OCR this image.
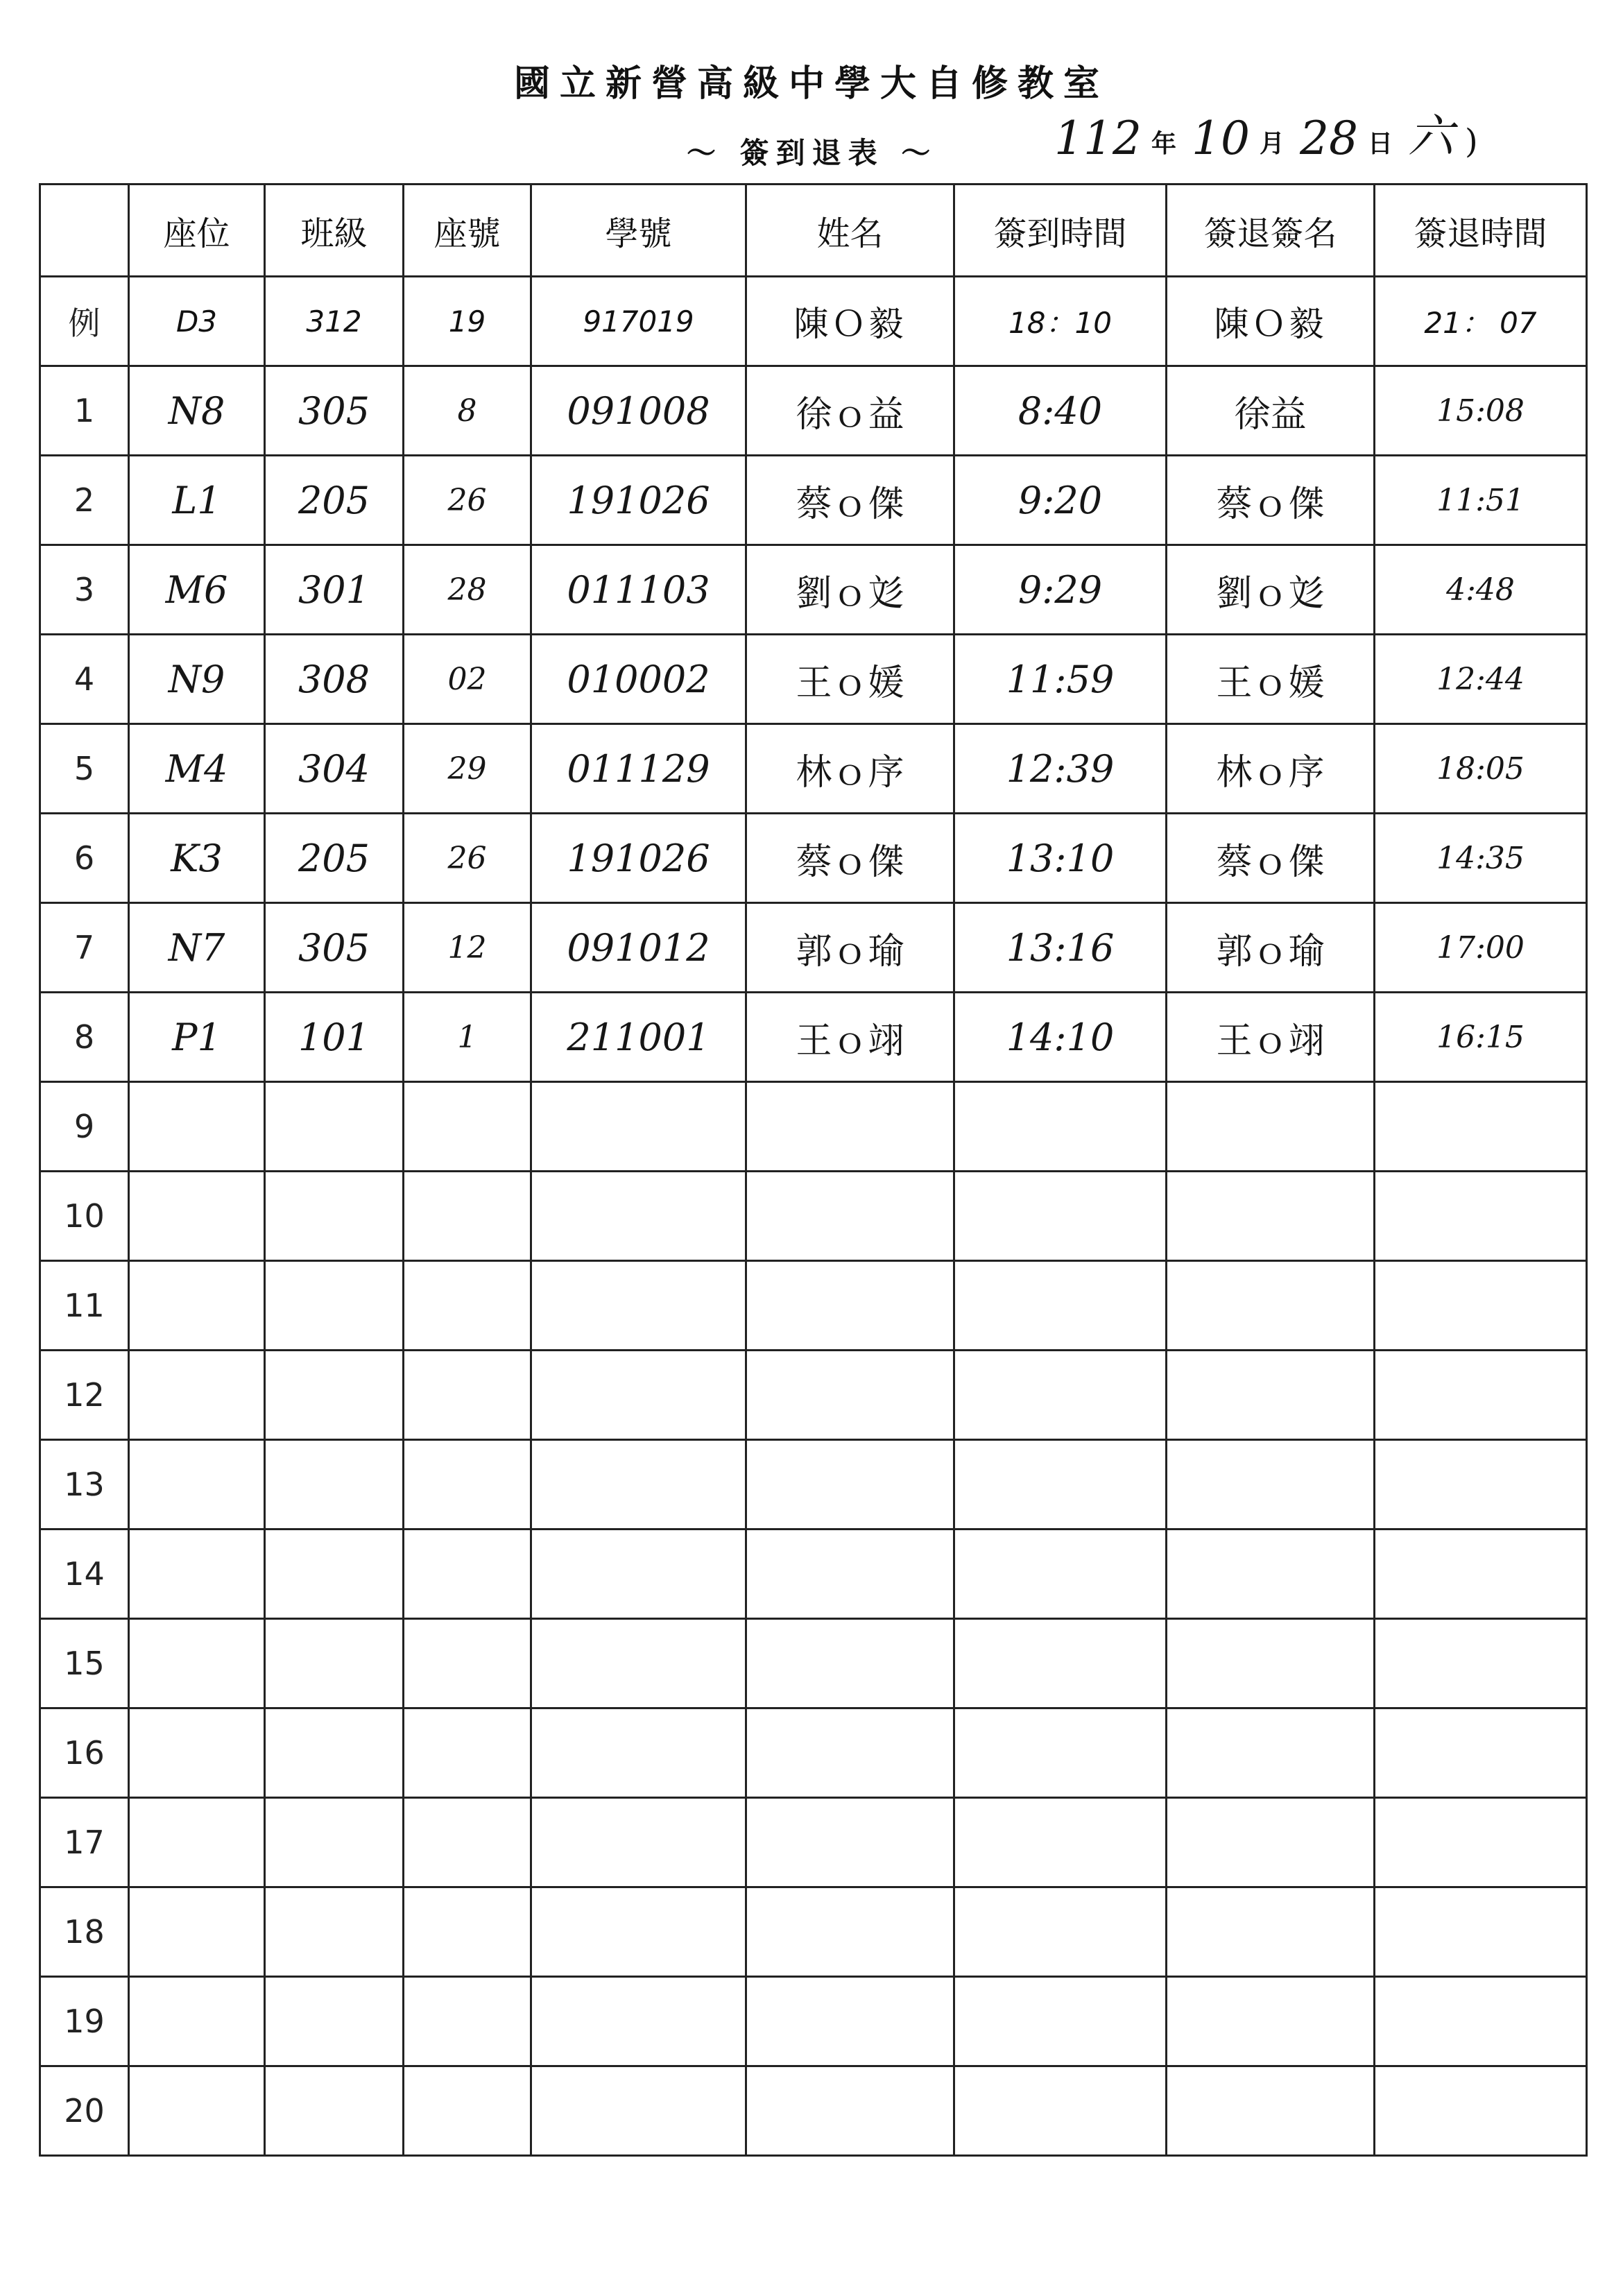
國立新營高級中學大自修教室
～ 簽到退表 ～	112 年 10 月 28 日 六 )
	座位	班級	座號	學號	姓名	簽到時間	簽退簽名	簽退時間
例	D3	312	19	917019	陳Ｏ毅	18：10	陳Ｏ毅	21： 07
1	N8	305	8	091008	徐ｏ益	8:40	徐益	15:08
2	L1	205	26	191026	蔡ｏ傑	9:20	蔡ｏ傑	11:51
3	M6	301	28	011103	劉ｏ彣	9:29	劉ｏ彣	4:48
4	N9	308	02	010002	王ｏ媛	11:59	王ｏ媛	12:44
5	M4	304	29	011129	林ｏ序	12:39	林ｏ序	18:05
6	K3	205	26	191026	蔡ｏ傑	13:10	蔡ｏ傑	14:35
7	N7	305	12	091012	郭ｏ瑜	13:16	郭ｏ瑜	17:00
8	P1	101	1	211001	王ｏ翊	14:10	王ｏ翊	16:15
9								
10								
11								
12								
13								
14								
15								
16								
17								
18								
19								
20								
